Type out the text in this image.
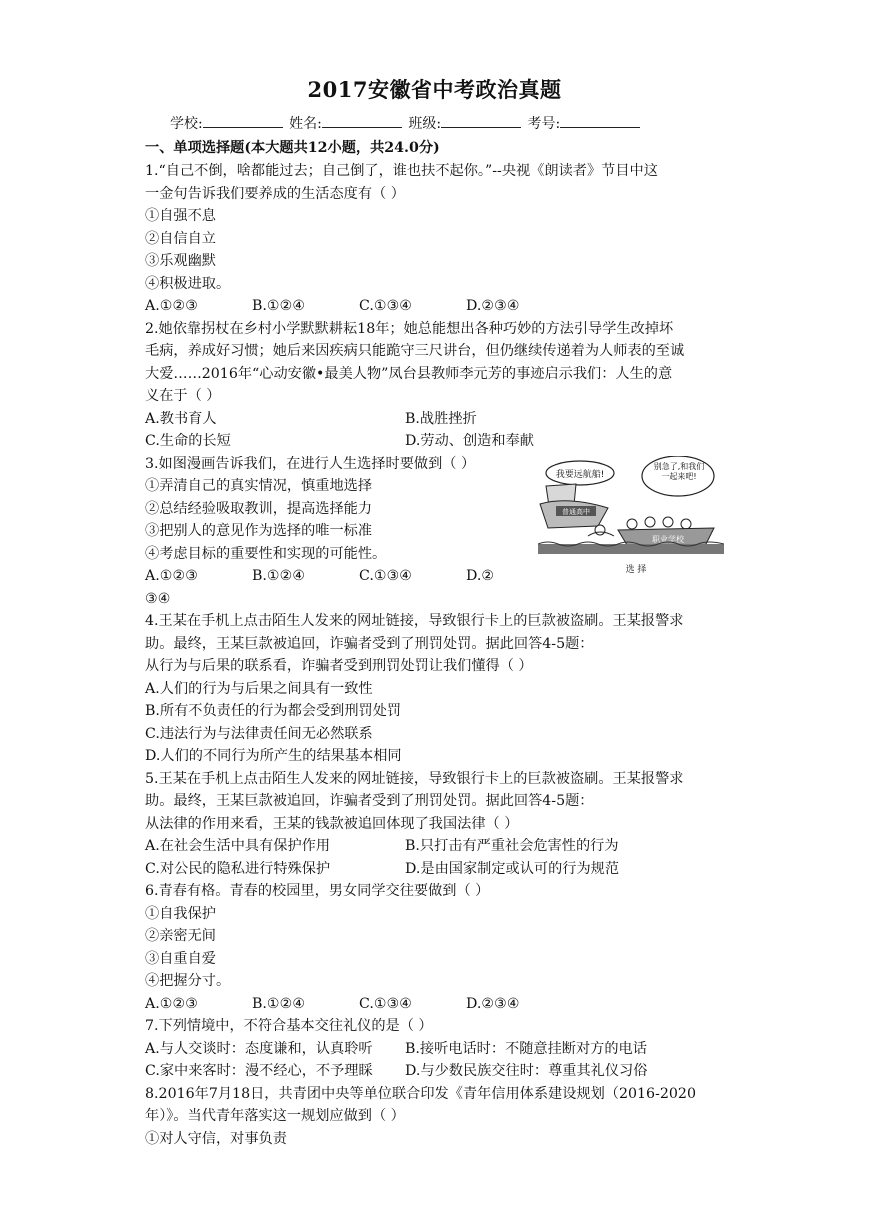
2017安徽省中考政治真题
学校:	姓名:	班级:	考号:
一、单项选择题(本大题共12小题，共24.0分)
1.“自己不倒，啥都能过去；自己倒了，谁也扶不起你。”--央视《朗读者》节目中这
一金句告诉我们要养成的生活态度有（ ）
①自强不息
②自信自立
③乐观幽默
④积极进取。
A.①②③	B.①②④	C.①③④	D.②③④
2.她依靠拐杖在乡村小学默默耕耘18年；她总能想出各种巧妙的方法引导学生改掉坏
毛病，养成好习惯；她后来因疾病只能跪守三尺讲台，但仍继续传递着为人师表的至诚
大爱……2016年“心动安徽•最美人物”凤台县教师李元芳的事迹启示我们：人生的意
义在于（ ）
A.教书育人	B.战胜挫折
C.生命的长短	D.劳动、创造和奉献
3.如图漫画告诉我们，在进行人生选择时要做到（ ）
①弄清自己的真实情况，慎重地选择
②总结经验吸取教训，提高选择能力
③把别人的意见作为选择的唯一标准
④考虑目标的重要性和实现的可能性。
A.①②③	B.①②④	C.①③④	D.②
③④
我要远航船!
别急了,和我们一起来吧!
普通高中
职业学校
选 择
4.王某在手机上点击陌生人发来的网址链接，导致银行卡上的巨款被盗刷。王某报警求
助。最终，王某巨款被追回，诈骗者受到了刑罚处罚。据此回答4-5题：
从行为与后果的联系看，诈骗者受到刑罚处罚让我们懂得（ ）
A.人们的行为与后果之间具有一致性
B.所有不负责任的行为都会受到刑罚处罚
C.违法行为与法律责任间无必然联系
D.人们的不同行为所产生的结果基本相同
5.王某在手机上点击陌生人发来的网址链接，导致银行卡上的巨款被盗刷。王某报警求
助。最终，王某巨款被追回，诈骗者受到了刑罚处罚。据此回答4-5题：
从法律的作用来看，王某的钱款被追回体现了我国法律（ ）
A.在社会生活中具有保护作用	B.只打击有严重社会危害性的行为
C.对公民的隐私进行特殊保护	D.是由国家制定或认可的行为规范
6.青春有格。青春的校园里，男女同学交往要做到（ ）
①自我保护
②亲密无间
③自重自爱
④把握分寸。
A.①②③	B.①②④	C.①③④	D.②③④
7.下列情境中，不符合基本交往礼仪的是（ ）
A.与人交谈时：态度谦和，认真聆听 B.接听电话时：不随意挂断对方的电话
C.家中来客时：漫不经心，不予理睬 D.与少数民族交往时：尊重其礼仪习俗
8.2016年7月18日，共青团中央等单位联合印发《青年信用体系建设规划（2016-2020
年）》。当代青年落实这一规划应做到（ ）
①对人守信，对事负责
